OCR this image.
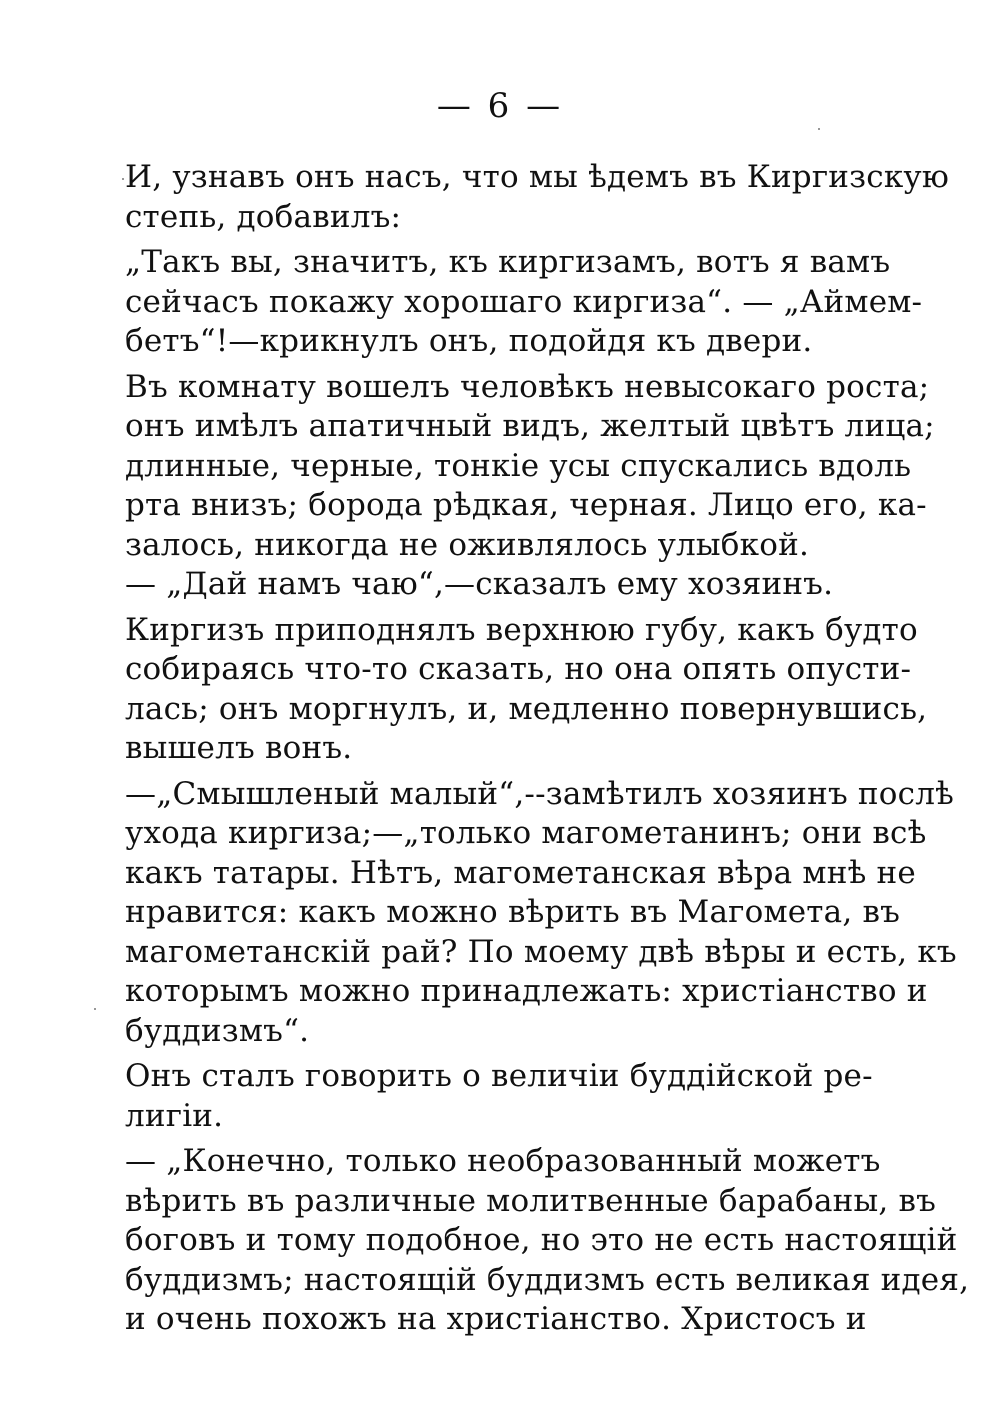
— 6 —
И, узнавъ онъ насъ, что мы ѣдемъ въ Киргизскую
степь, добавилъ:
„Такъ вы, значитъ, къ киргизамъ, вотъ я вамъ
сейчасъ покажу хорошаго киргиза“. — „Аймем-
бетъ“!—крикнулъ онъ, подойдя къ двери.
Въ комнату вошелъ человѣкъ невысокаго роста;
онъ имѣлъ апатичный видъ, желтый цвѣтъ лица;
длинные, черные, тонкіе усы спускались вдоль
рта внизъ; борода рѣдкая, черная. Лицо его, ка-
залось, никогда не оживлялось улыбкой.
— „Дай намъ чаю“,—сказалъ ему хозяинъ.
Киргизъ приподнялъ верхнюю губу, какъ будто
собираясь что-то сказать, но она опять опусти-
лась; онъ моргнулъ, и, медленно повернувшись,
вышелъ вонъ.
—„Смышленый малый“,--замѣтилъ хозяинъ послѣ
ухода киргиза;—„только магометанинъ; они всѣ
какъ татары. Нѣтъ, магометанская вѣра мнѣ не
нравится: какъ можно вѣрить въ Магомета, въ
магометанскій рай? По моему двѣ вѣры и есть, къ
которымъ можно принадлежать: христіанство и
буддизмъ“.
Онъ сталъ говорить о величіи буддійской ре-
лигіи.
— „Конечно, только необразованный можетъ
вѣрить въ различные молитвенные барабаны, въ
боговъ и тому подобное, но это не есть настоящій
буддизмъ; настоящій буддизмъ есть великая идея,
и очень похожъ на христіанство. Христосъ и
